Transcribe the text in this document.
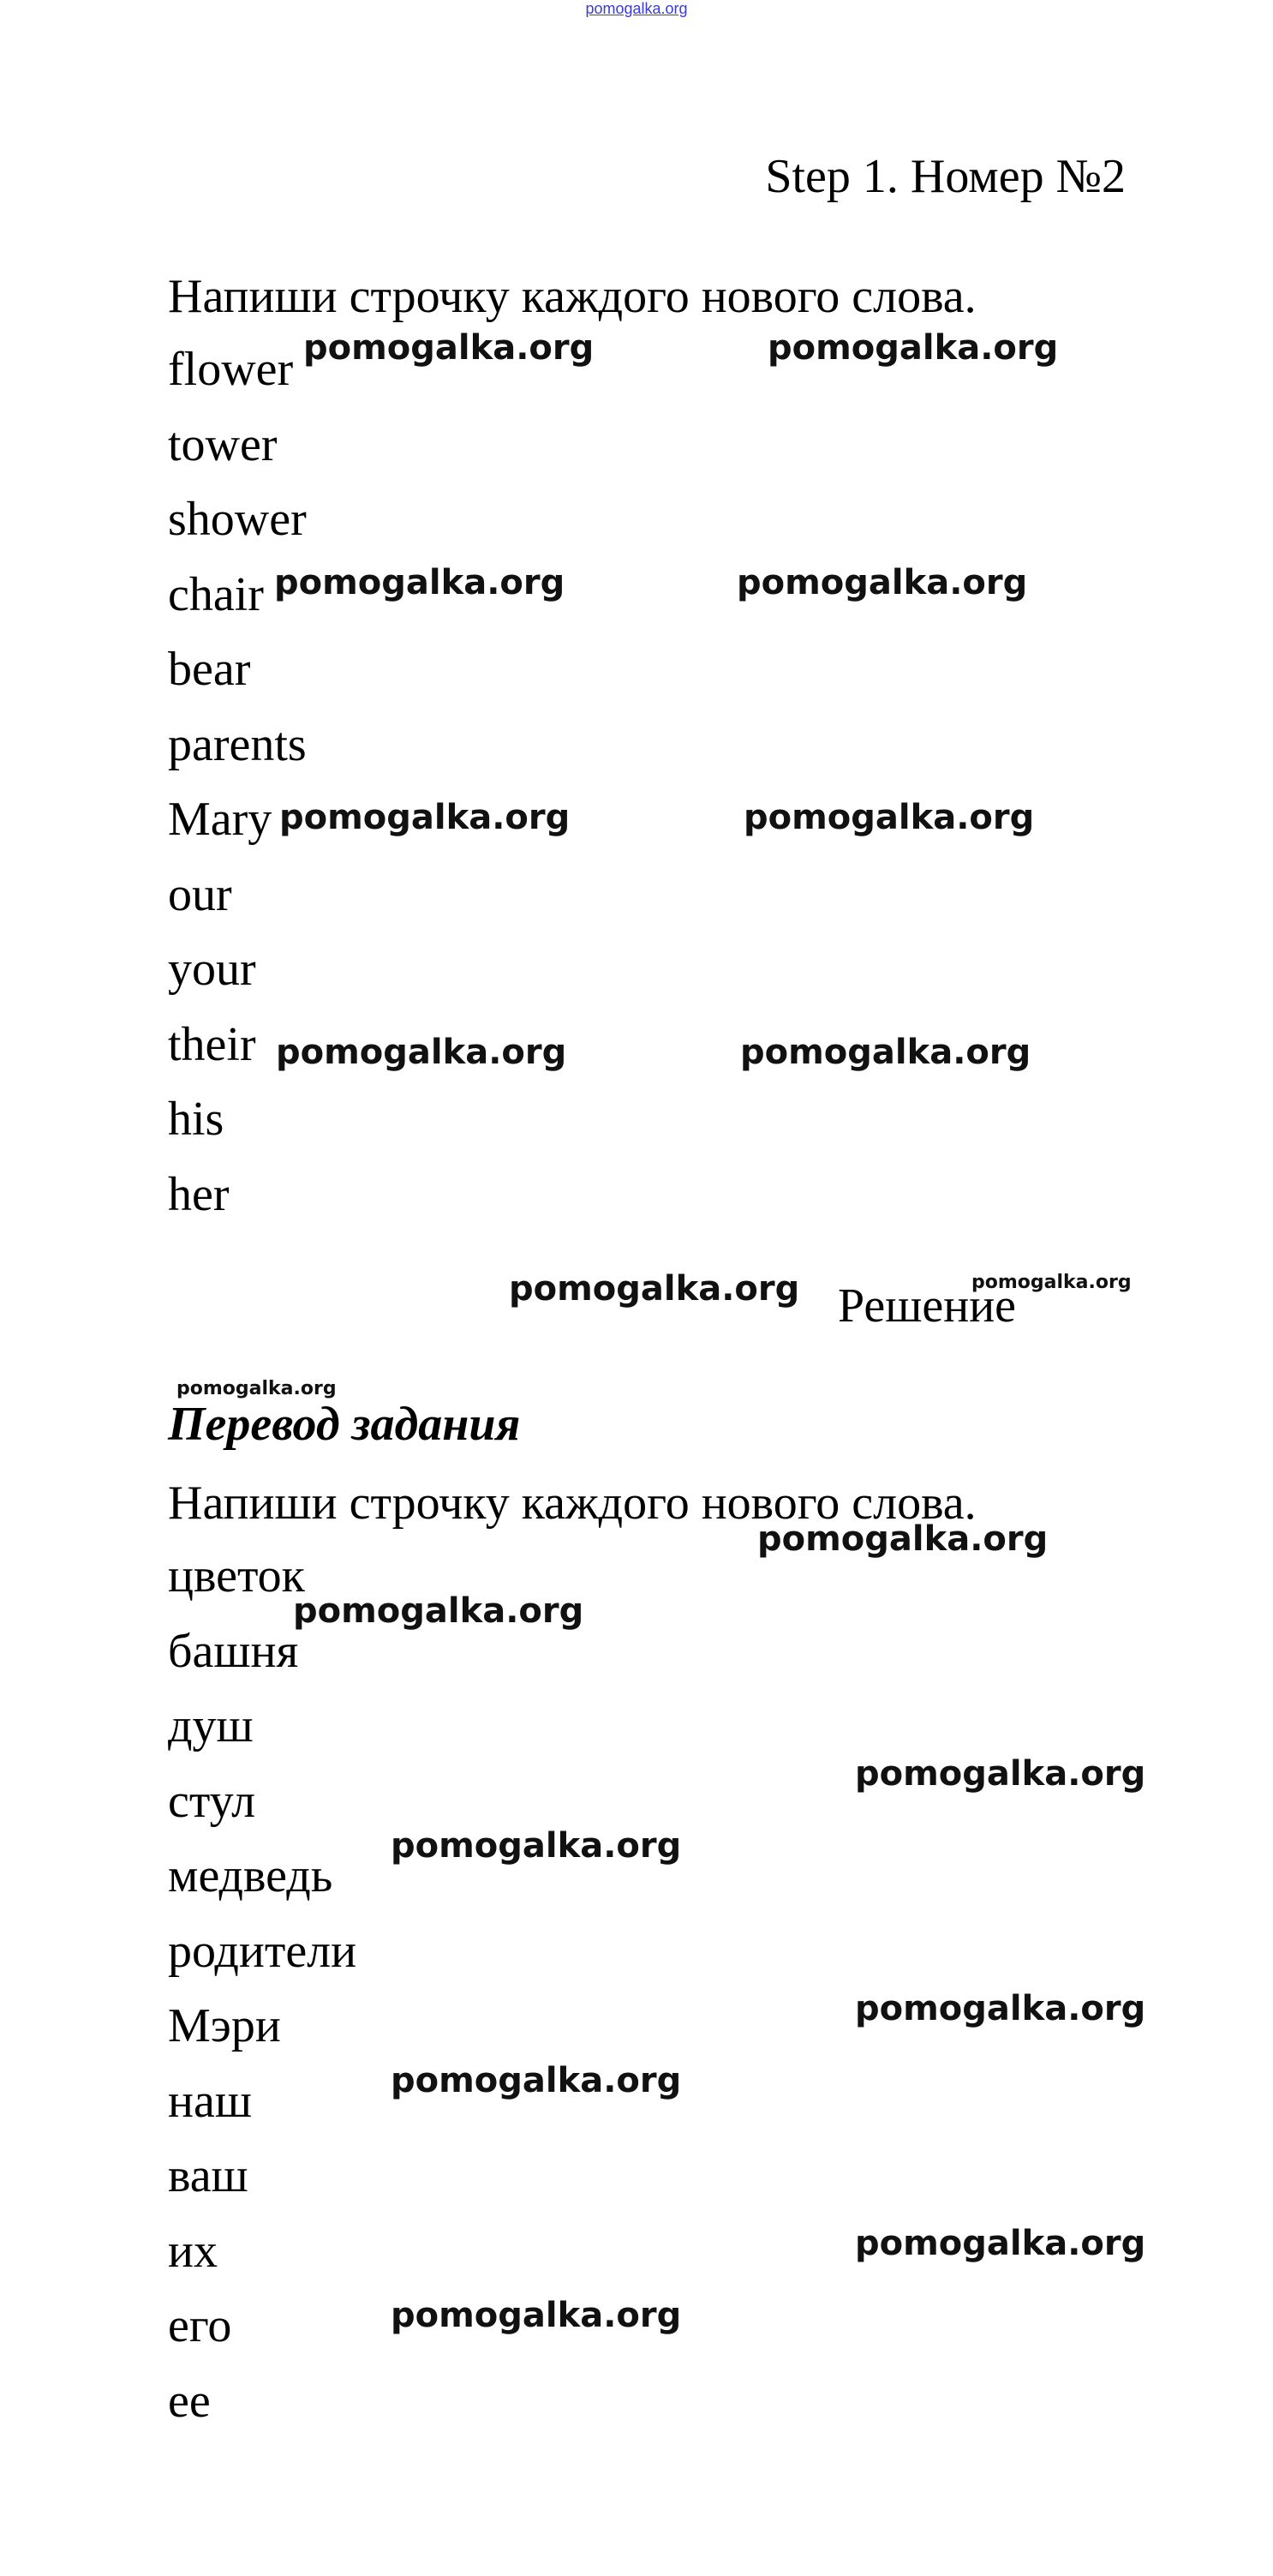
pomogalka.org
Step 1. Номер №2
Напиши строчку каждого нового слова.
flower
tower
shower
chair
bear
parents
Mary
our
your
their
his
her
Решение
Перевод задания
Напиши строчку каждого нового слова.
цветок
башня
душ
стул
медведь
родители
Мэри
наш
ваш
их
его
ее
pomogalka.org	pomogalka.org
pomogalka.org	pomogalka.org
pomogalka.org	pomogalka.org
pomogalka.org	pomogalka.org
pomogalka.org	pomogalka.org
pomogalka.org
pomogalka.org
pomogalka.org
pomogalka.org
pomogalka.org
pomogalka.org
pomogalka.org
pomogalka.org
pomogalka.org
